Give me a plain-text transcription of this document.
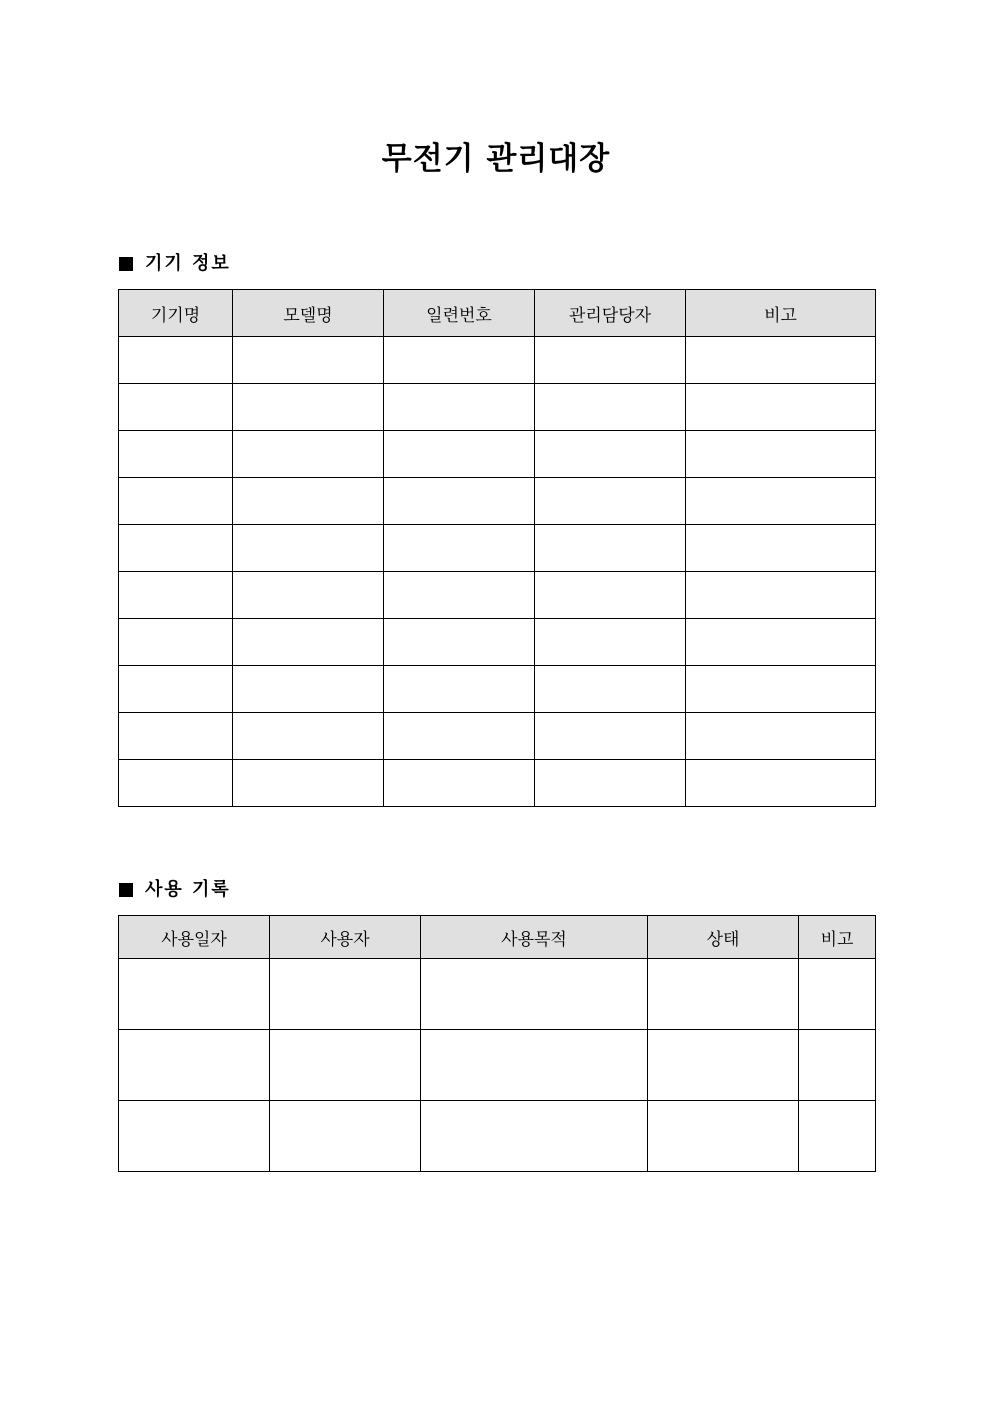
무전기 관리대장
기기 정보
기기명	모델명	일련번호	관리담당자	비고

사용 기록
사용일자	사용자	사용목적	상태	비고
